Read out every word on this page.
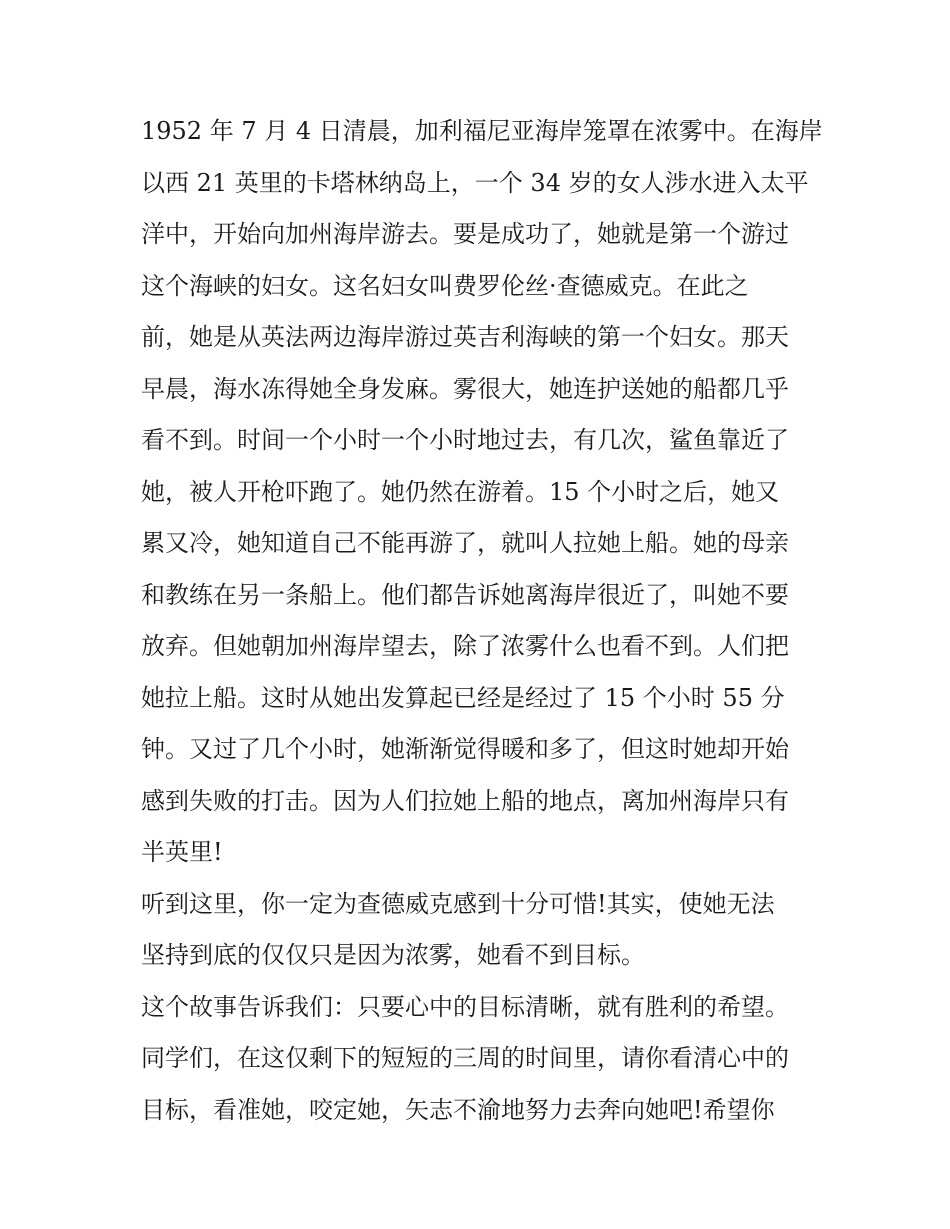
1952 年 7 月 4 日清晨，加利福尼亚海岸笼罩在浓雾中。在海岸
以西 21 英里的卡塔林纳岛上，一个 34 岁的女人涉水进入太平
洋中，开始向加州海岸游去。要是成功了，她就是第一个游过
这个海峡的妇女。这名妇女叫费罗伦丝·查德威克。在此之
前，她是从英法两边海岸游过英吉利海峡的第一个妇女。那天
早晨，海水冻得她全身发麻。雾很大，她连护送她的船都几乎
看不到。时间一个小时一个小时地过去，有几次，鲨鱼靠近了
她，被人开枪吓跑了。她仍然在游着。15 个小时之后，她又
累又冷，她知道自己不能再游了，就叫人拉她上船。她的母亲
和教练在另一条船上。他们都告诉她离海岸很近了，叫她不要
放弃。但她朝加州海岸望去，除了浓雾什么也看不到。人们把
她拉上船。这时从她出发算起已经是经过了 15 个小时 55 分
钟。又过了几个小时，她渐渐觉得暖和多了，但这时她却开始
感到失败的打击。因为人们拉她上船的地点，离加州海岸只有
半英里!
听到这里，你一定为查德威克感到十分可惜!其实，使她无法
坚持到底的仅仅只是因为浓雾，她看不到目标。
这个故事告诉我们：只要心中的目标清晰，就有胜利的希望。
同学们，在这仅剩下的短短的三周的时间里，请你看清心中的
目标，看准她，咬定她，矢志不渝地努力去奔向她吧!希望你
